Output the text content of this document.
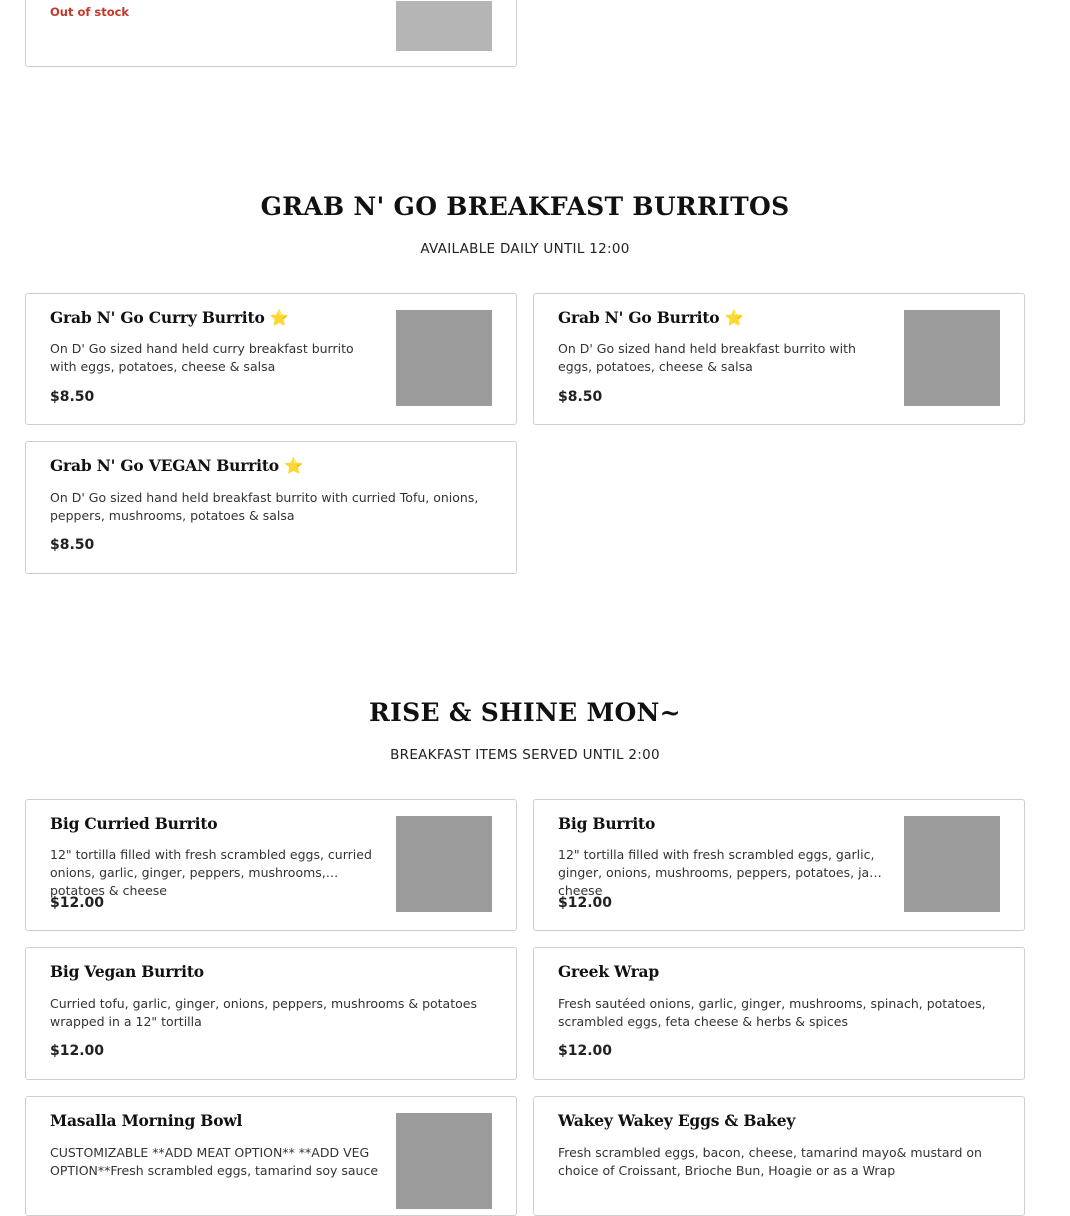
Out of stock
GRAB N' GO BREAKFAST BURRITOS

AVAILABLE DAILY UNTIL 12:00

Grab N' Go Curry Burrito ⭐
On D' Go sized hand held curry breakfast burrito with eggs, potatoes, cheese & salsa
$8.50
Grab N' Go Burrito ⭐
On D' Go sized hand held breakfast burrito with eggs, potatoes, cheese & salsa
$8.50
Grab N' Go VEGAN Burrito ⭐
On D' Go sized hand held breakfast burrito with curried Tofu, onions, peppers, mushrooms, potatoes & salsa
$8.50
RISE & SHINE MON~

BREAKFAST ITEMS SERVED UNTIL 2:00

Big Curried Burrito
12" tortilla filled with fresh scrambled eggs, curried onions, garlic, ginger, peppers, mushrooms, potatoes & cheese
$12.00
Big Burrito
12" tortilla filled with fresh scrambled eggs, garlic, ginger, onions, mushrooms, peppers, potatoes, jack cheese
$12.00
Big Vegan Burrito
Curried tofu, garlic, ginger, onions, peppers, mushrooms & potatoes wrapped in a 12" tortilla
$12.00
Greek Wrap
Fresh sautéed onions, garlic, ginger, mushrooms, spinach, potatoes, scrambled eggs, feta cheese & herbs & spices
$12.00
Masalla Morning Bowl
CUSTOMIZABLE **ADD MEAT OPTION** **ADD VEG OPTION**Fresh scrambled eggs, tamarind soy sauce
Wakey Wakey Eggs & Bakey
Fresh scrambled eggs, bacon, cheese, tamarind mayo& mustard on choice of Croissant, Brioche Bun, Hoagie or as a Wrap
